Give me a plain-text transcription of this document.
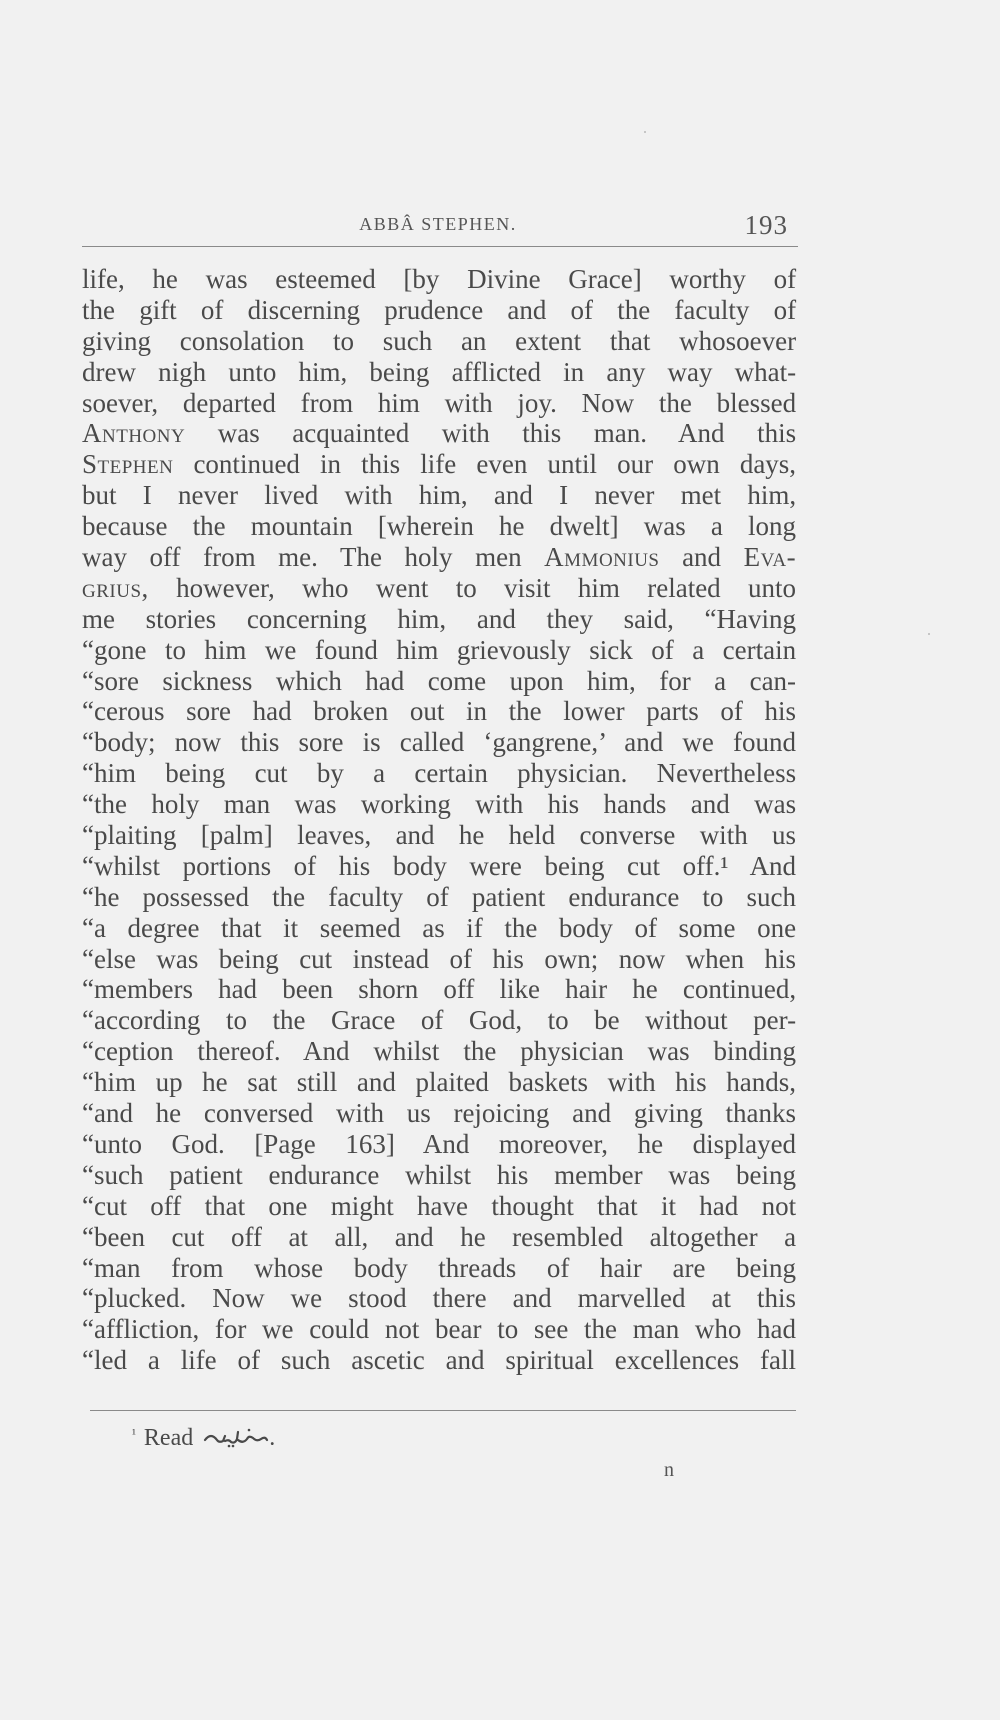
ABBÂ STEPHEN.	193
life, he was esteemed [by Divine Grace] worthy of
the gift of discerning prudence and of the faculty of
giving consolation to such an extent that whosoever
drew nigh unto him, being afflicted in any way what-
soever, departed from him with joy. Now the blessed
Anthony was acquainted with this man. And this
Stephen continued in this life even until our own days,
but I never lived with him, and I never met him,
because the mountain [wherein he dwelt] was a long
way off from me. The holy men Ammonius and Eva-
grius, however, who went to visit him related unto
me stories concerning him, and they said, “Having
“gone to him we found him grievously sick of a certain
“sore sickness which had come upon him, for a can-
“cerous sore had broken out in the lower parts of his
“body; now this sore is called ‘gangrene,’ and we found
“him being cut by a certain physician. Nevertheless
“the holy man was working with his hands and was
“plaiting [palm] leaves, and he held converse with us
“whilst portions of his body were being cut off.¹ And
“he possessed the faculty of patient endurance to such
“a degree that it seemed as if the body of some one
“else was being cut instead of his own; now when his
“members had been shorn off like hair he continued,
“according to the Grace of God, to be without per-
“ception thereof. And whilst the physician was binding
“him up he sat still and plaited baskets with his hands,
“and he conversed with us rejoicing and giving thanks
“unto God. [Page 163] And moreover, he displayed
“such patient endurance whilst his member was being
“cut off that one might have thought that it had not
“been cut off at all, and he resembled altogether a
“man from whose body threads of hair are being
“plucked. Now we stood there and marvelled at this
“affliction, for we could not bear to see the man who had
“led a life of such ascetic and spiritual excellences fall
$^{^1}$ Read	.
n
